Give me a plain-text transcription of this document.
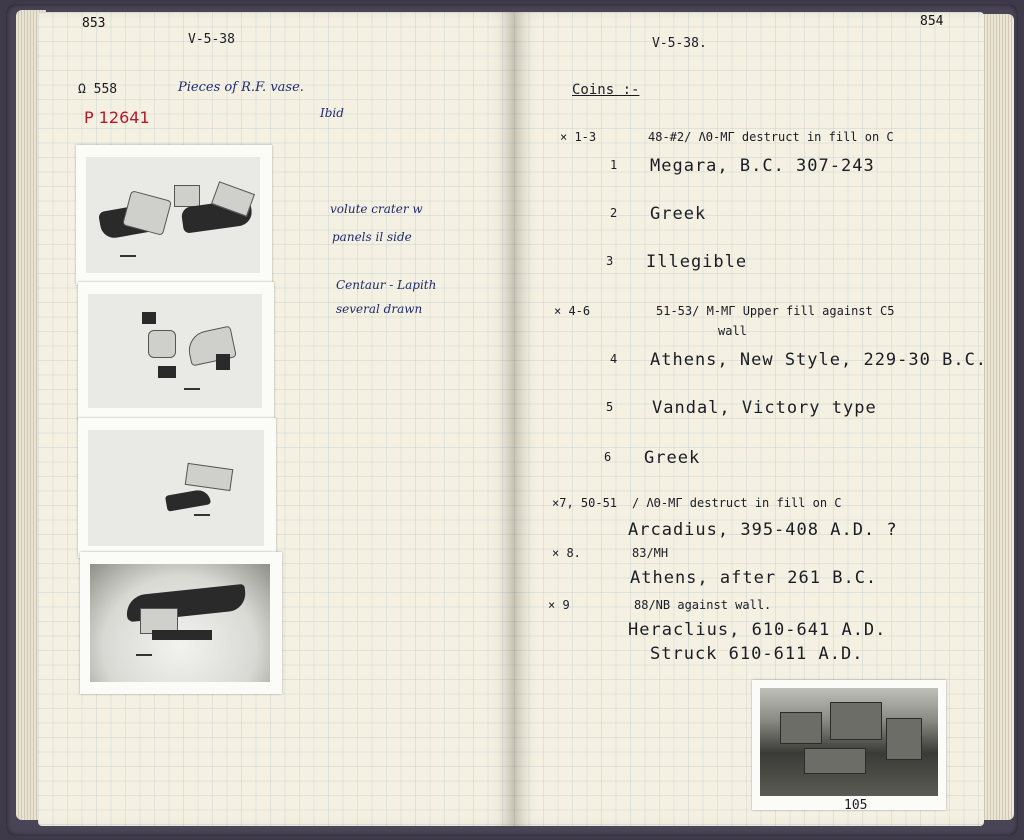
853
V-5-38
Ω 558	Pieces of R.F. vase.
P 12641	Ibid
volute crater w
panels il side
Centaur - Lapith
several drawn
854
V-5-38.
Coins :-
× 1-3	48-#2/ ΛΘ-ΜΓ destruct in fill on C
1 Megara, B.C. 307-243
2 Greek
3 Illegible
× 4-6	51-53/ Μ-ΜΓ Upper fill against C5
wall
4 Athens, New Style, 229-30 B.C.
5 Vandal, Victory type
6 Greek
×7, 50-51 / ΛΘ-ΜΓ destruct in fill on C
Arcadius, 395-408 A.D. ?
× 8.	83/ΜΗ
Athens, after 261 B.C.
× 9	88/ΝΒ against wall.
Heraclius, 610-641 A.D.
Struck 610-611 A.D.
105
